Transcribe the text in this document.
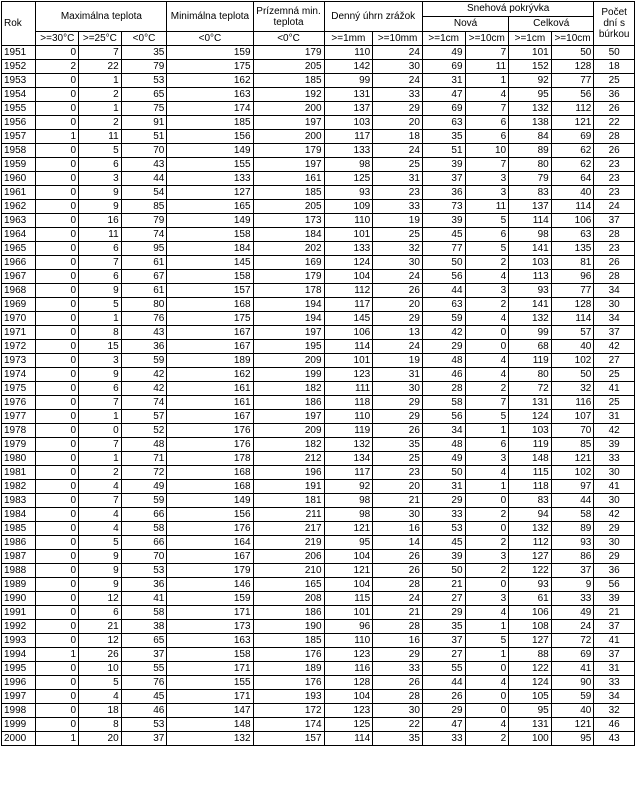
Rok	Maximálna teplota			Minimálna teplota	Prízemná min. teplota	Denný úhrn zrážok		Snehová pokrývka				Počet dní s búrkou
								Nová		Celková		
	>=30°C	>=25°C	<0°C	<0°C	<0°C	>=1mm	>=10mm	>=1cm	>=10cm	>=1cm	>=10cm	
1951	0	7	35	159	179	110	24	49	7	101	50	50
1952	2	22	79	175	205	142	30	69	11	152	128	18
1953	0	1	53	162	185	99	24	31	1	92	77	25
1954	0	2	65	163	192	131	33	47	4	95	56	36
1955	0	1	75	174	200	137	29	69	7	132	112	26
1956	0	2	91	185	197	103	20	63	6	138	121	22
1957	1	11	51	156	200	117	18	35	6	84	69	28
1958	0	5	70	149	179	133	24	51	10	89	62	26
1959	0	6	43	155	197	98	25	39	7	80	62	23
1960	0	3	44	133	161	125	31	37	3	79	64	23
1961	0	9	54	127	185	93	23	36	3	83	40	23
1962	0	9	85	165	205	109	33	73	11	137	114	24
1963	0	16	79	149	173	110	19	39	5	114	106	37
1964	0	11	74	158	184	101	25	45	6	98	63	28
1965	0	6	95	184	202	133	32	77	5	141	135	23
1966	0	7	61	145	169	124	30	50	2	103	81	26
1967	0	6	67	158	179	104	24	56	4	113	96	28
1968	0	9	61	157	178	112	26	44	3	93	77	34
1969	0	5	80	168	194	117	20	63	2	141	128	30
1970	0	1	76	175	194	145	29	59	4	132	114	34
1971	0	8	43	167	197	106	13	42	0	99	57	37
1972	0	15	36	167	195	114	24	29	0	68	40	42
1973	0	3	59	189	209	101	19	48	4	119	102	27
1974	0	9	42	162	199	123	31	46	4	80	50	25
1975	0	6	42	161	182	111	30	28	2	72	32	41
1976	0	7	74	161	186	118	29	58	7	131	116	25
1977	0	1	57	167	197	110	29	56	5	124	107	31
1978	0	0	52	176	209	119	26	34	1	103	70	42
1979	0	7	48	176	182	132	35	48	6	119	85	39
1980	0	1	71	178	212	134	25	49	3	148	121	33
1981	0	2	72	168	196	117	23	50	4	115	102	30
1982	0	4	49	168	191	92	20	31	1	118	97	41
1983	0	7	59	149	181	98	21	29	0	83	44	30
1984	0	4	66	156	211	98	30	33	2	94	58	42
1985	0	4	58	176	217	121	16	53	0	132	89	29
1986	0	5	66	164	219	95	14	45	2	112	93	30
1987	0	9	70	167	206	104	26	39	3	127	86	29
1988	0	9	53	179	210	121	26	50	2	122	37	36
1989	0	9	36	146	165	104	28	21	0	93	9	56
1990	0	12	41	159	208	115	24	27	3	61	33	39
1991	0	6	58	171	186	101	21	29	4	106	49	21
1992	0	21	38	173	190	96	28	35	1	108	24	37
1993	0	12	65	163	185	110	16	37	5	127	72	41
1994	1	26	37	158	176	123	29	27	1	88	69	37
1995	0	10	55	171	189	116	33	55	0	122	41	31
1996	0	5	76	155	176	128	26	44	4	124	90	33
1997	0	4	45	171	193	104	28	26	0	105	59	34
1998	0	18	46	147	172	123	30	29	0	95	40	32
1999	0	8	53	148	174	125	22	47	4	131	121	46
2000	1	20	37	132	157	114	35	33	2	100	95	43
